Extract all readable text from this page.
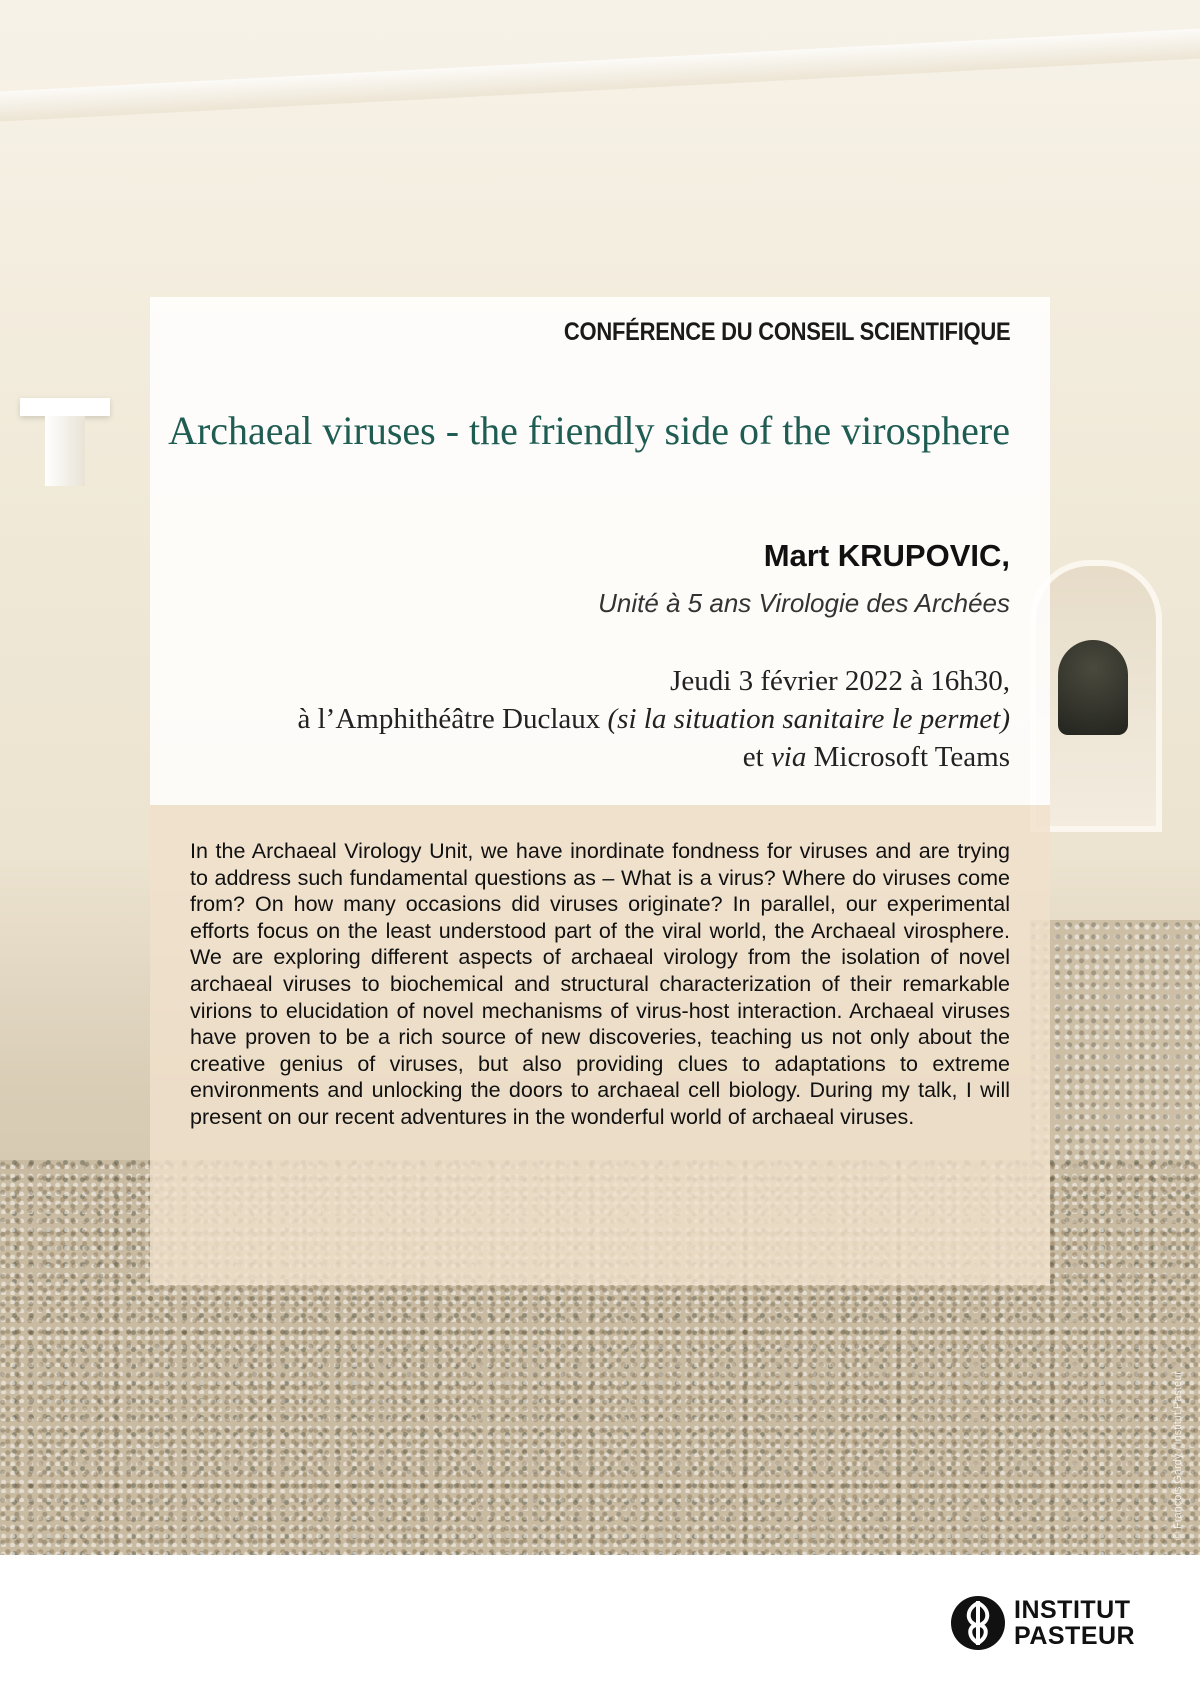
CONFÉRENCE DU CONSEIL SCIENTIFIQUE
Archaeal viruses - the friendly side of the virosphere
Mart KRUPOVIC,
Unité à 5 ans Virologie des Archées
Jeudi 3 février 2022 à 16h30,
à l’Amphithéâtre Duclaux (si la situation sanitaire le permet)
et via Microsoft Teams
In the Archaeal Virology Unit, we have inordinate fondness for viruses and are trying to address such fundamental questions as – What is a virus? Where do viruses come from? On how many occasions did viruses originate? In parallel, our experimental efforts focus on the least understood part of the viral world, the Archaeal virosphere. We are exploring different aspects of archaeal virology from the isolation of novel archaeal viruses to biochemical and structural characterization of their remarkable virions to elucidation of novel mechanisms of virus-host interaction. Archaeal viruses have proven to be a rich source of new discoveries, teaching us not only about the creative genius of viruses, but also providing clues to adaptations to extreme environments and unlocking the doors to archaeal cell biology. During my talk, I will present on our recent adventures in the wonderful world of archaeal viruses.
© François Gardy / Institut Pasteur
INSTITUT
PASTEUR
